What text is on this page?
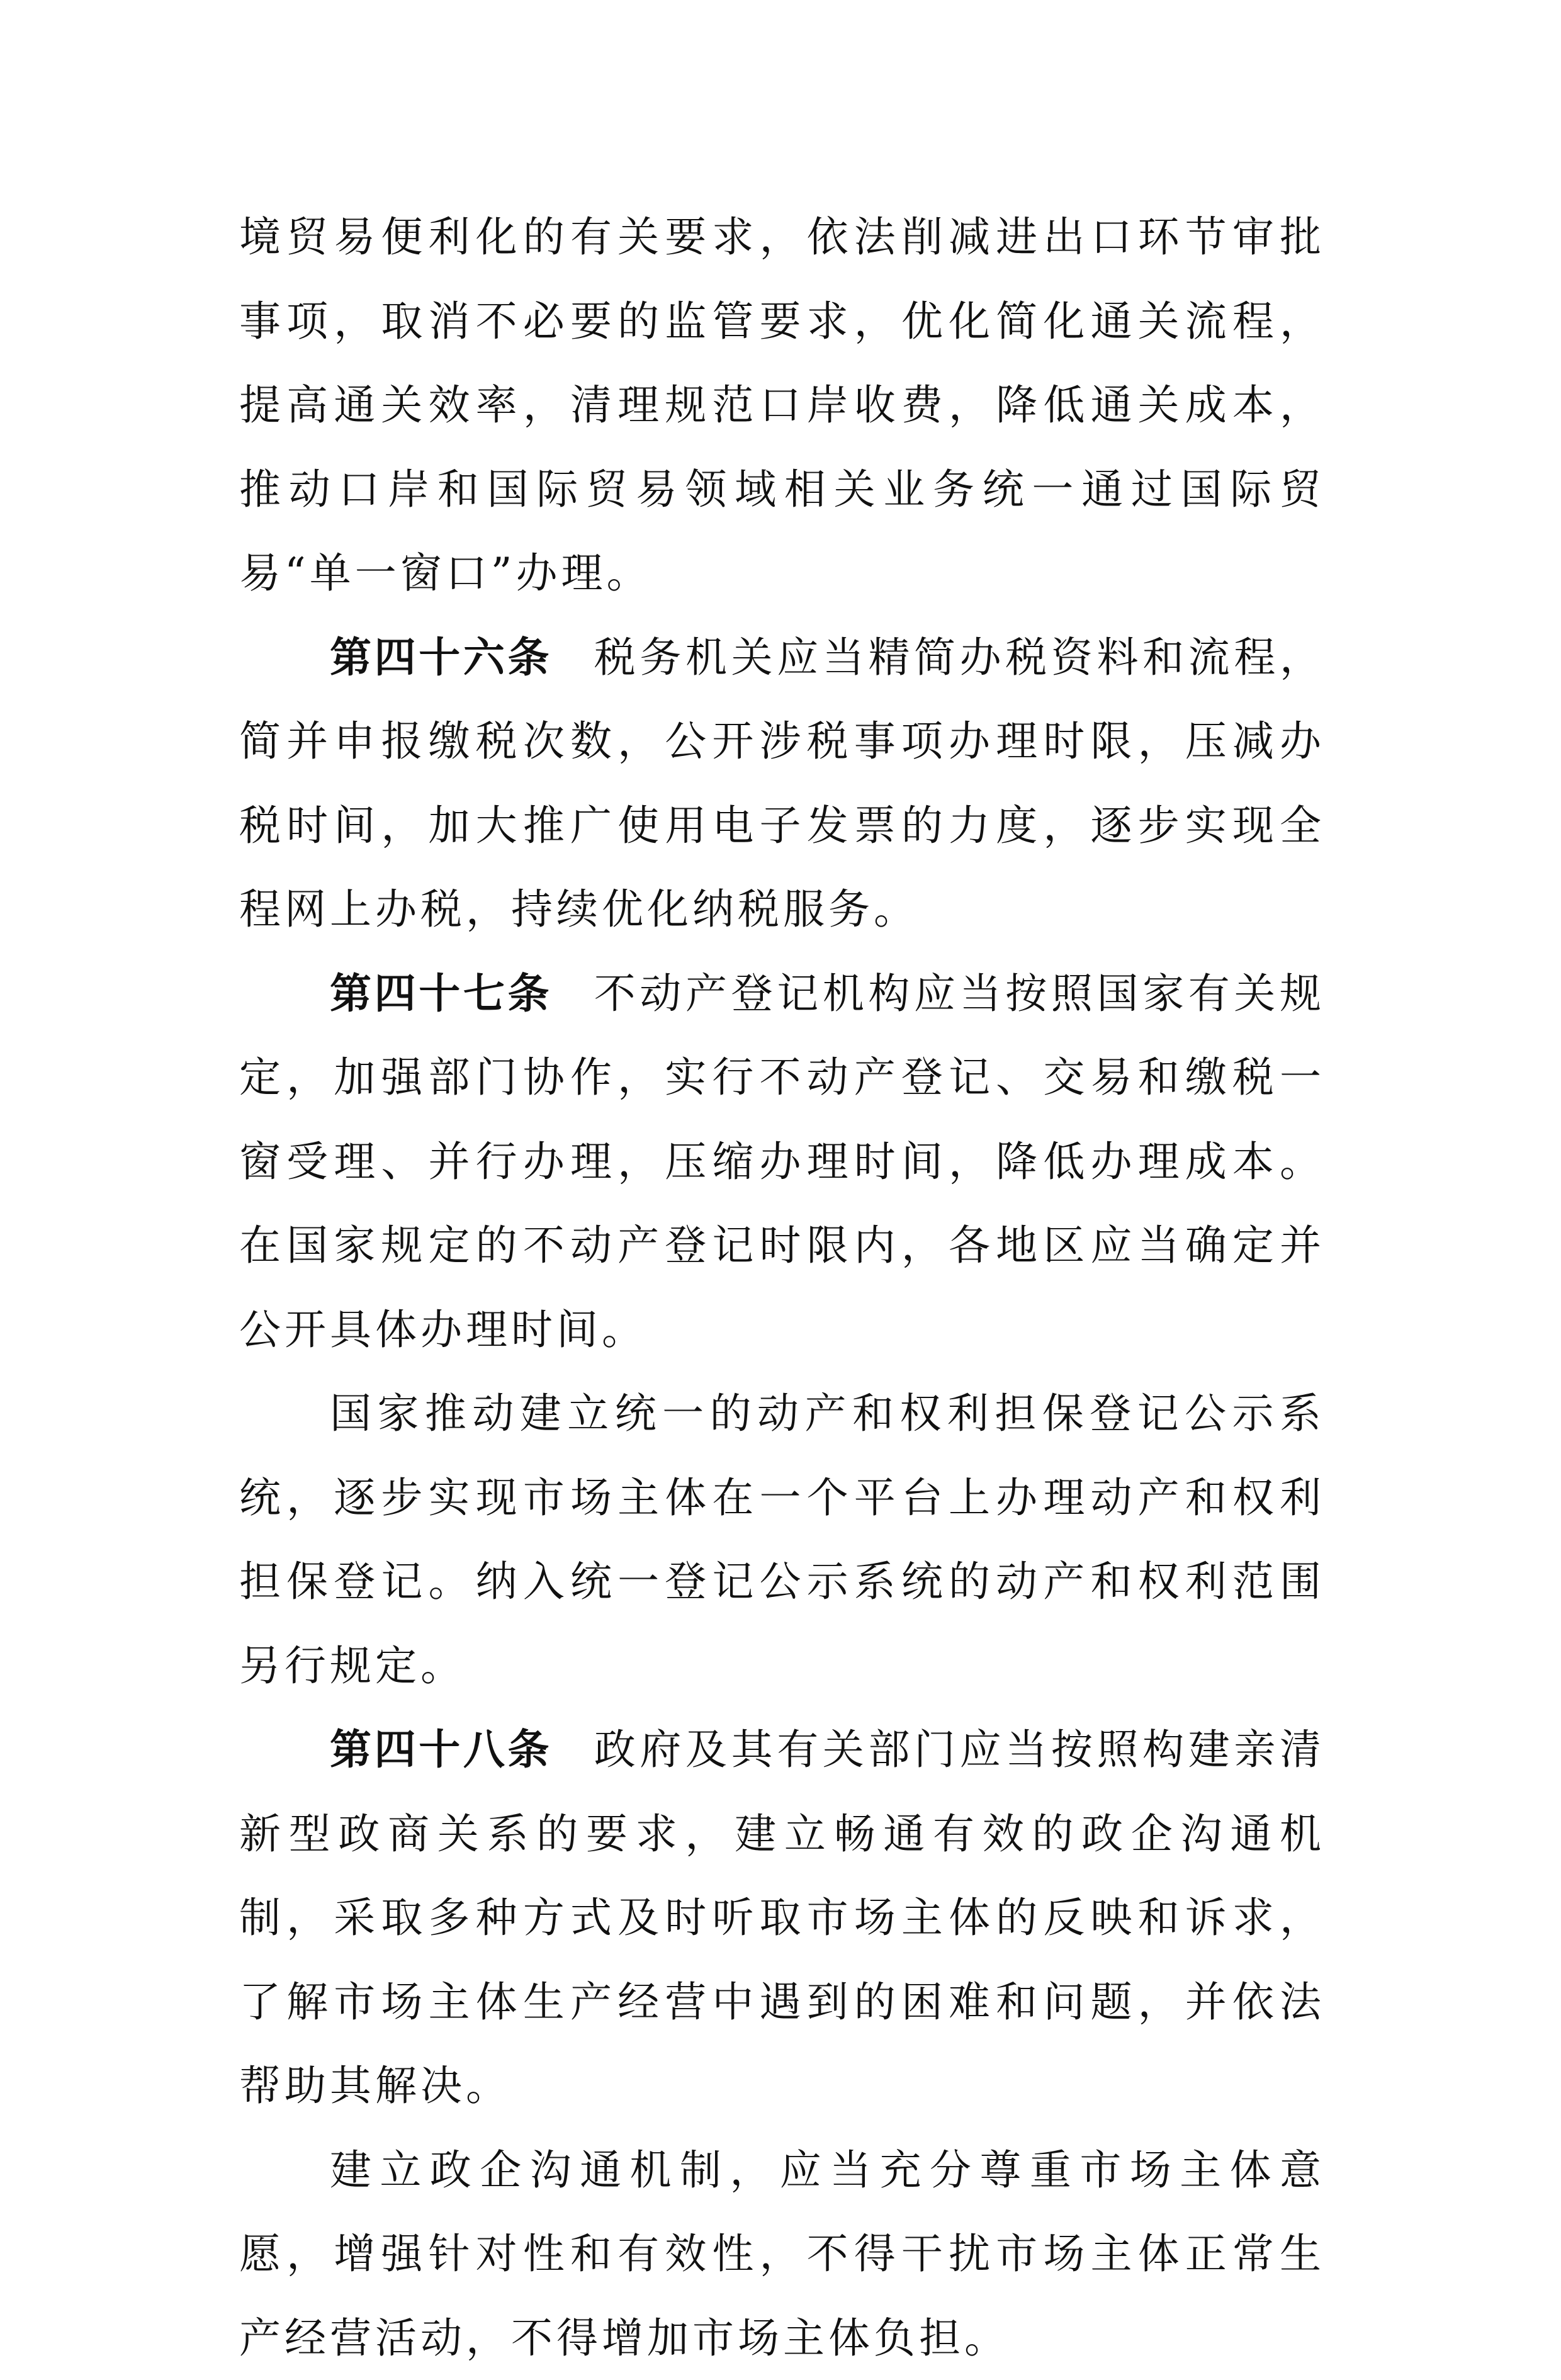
境贸易便利化的有关要求，依法削减进出口环节审批事项，取消不必要的监管要求，优化简化通关流程，提高通关效率，清理规范口岸收费，降低通关成本，推动口岸和国际贸易领域相关业务统一通过国际贸易“单一窗口”办理。

第四十六条 税务机关应当精简办税资料和流程，简并申报缴税次数，公开涉税事项办理时限，压减办税时间，加大推广使用电子发票的力度，逐步实现全程网上办税，持续优化纳税服务。

第四十七条 不动产登记机构应当按照国家有关规定，加强部门协作，实行不动产登记、交易和缴税一窗受理、并行办理，压缩办理时间，降低办理成本。在国家规定的不动产登记时限内，各地区应当确定并公开具体办理时间。

国家推动建立统一的动产和权利担保登记公示系统，逐步实现市场主体在一个平台上办理动产和权利担保登记。纳入统一登记公示系统的动产和权利范围另行规定。

第四十八条 政府及其有关部门应当按照构建亲清新型政商关系的要求，建立畅通有效的政企沟通机制，采取多种方式及时听取市场主体的反映和诉求，了解市场主体生产经营中遇到的困难和问题，并依法帮助其解决。

建立政企沟通机制，应当充分尊重市场主体意愿，增强针对性和有效性，不得干扰市场主体正常生产经营活动，不得增加市场主体负担。
